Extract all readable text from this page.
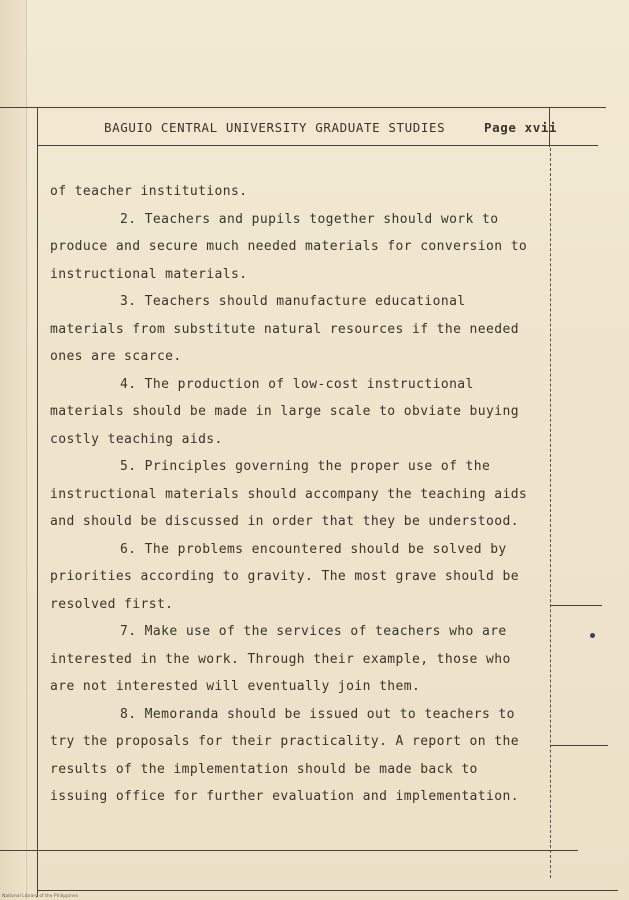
BAGUIO CENTRAL UNIVERSITY GRADUATE STUDIES	Page xvii

of teacher institutions.

2. Teachers and pupils together should work to produce and secure much needed materials for conversion to instructional materials.

3. Teachers should manufacture educational materials from substitute natural resources if the needed ones are scarce.

4. The production of low-cost instructional materials should be made in large scale to obviate buying costly teaching aids.

5. Principles governing the proper use of the instructional materials should accompany the teaching aids and should be discussed in order that they be understood.

6. The problems encountered should be solved by priorities according to gravity. The most grave should be resolved first.

7. Make use of the services of teachers who are interested in the work. Through their example, those who are not interested will eventually join them.

8. Memoranda should be issued out to teachers to try the proposals for their practicality. A report on the results of the implementation should be made back to issuing office for further evaluation and implementation.

National Library of the Philippines
